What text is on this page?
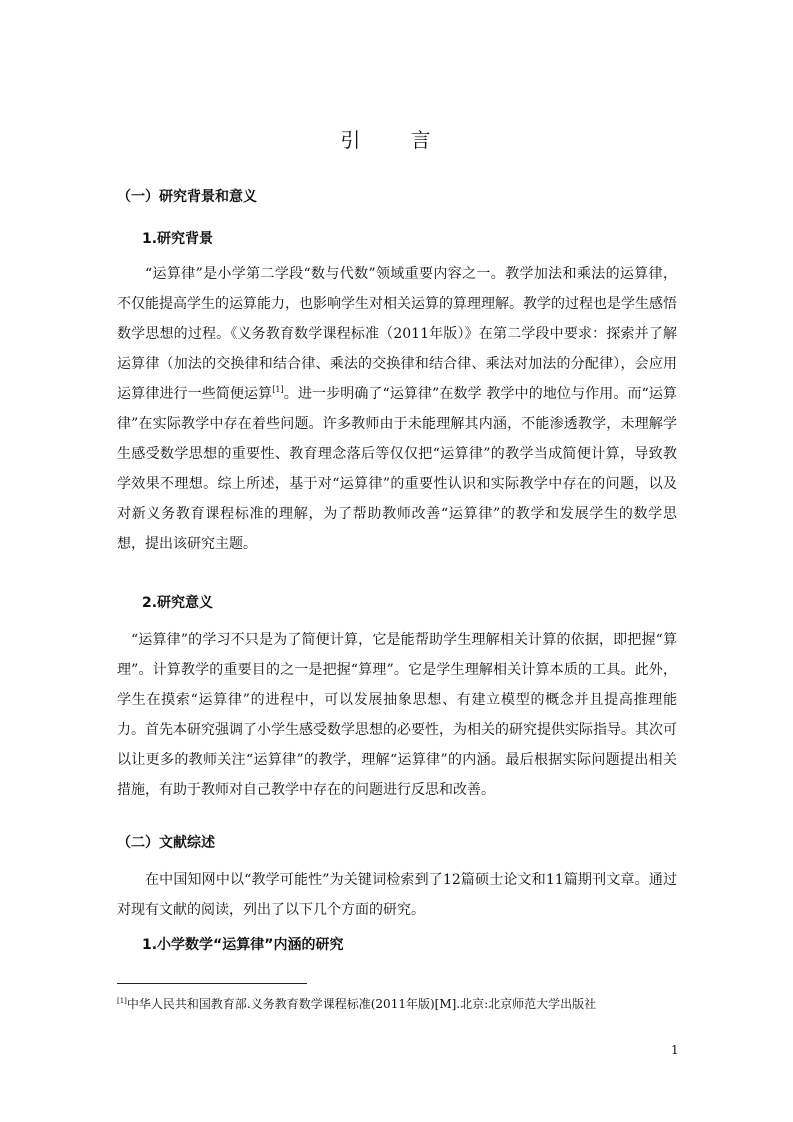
引 言
（一）研究背景和意义
1.研究背景

“运算律”是小学第二学段“数与代数”领域重要内容之一。教学加法和乘法的运算律，不仅能提高学生的运算能力，也影响学生对相关运算的算理理解。教学的过程也是学生感悟数学思想的过程。《义务教育数学课程标准（2011年版）》在第二学段中要求：探索并了解运算律（加法的交换律和结合律、乘法的交换律和结合律、乘法对加法的分配律），会应用运算律进行一些简便运算[1]。进一步明确了“运算律”在数学 教学中的地位与作用。而“运算律”在实际教学中存在着些问题。许多教师由于未能理解其内涵，不能渗透教学，未理解学生感受数学思想的重要性、教育理念落后等仅仅把“运算律”的教学当成简便计算，导致教学效果不理想。综上所述，基于对“运算律”的重要性认识和实际教学中存在的问题，以及对新义务教育课程标准的理解，为了帮助教师改善“运算律”的教学和发展学生的数学思想，提出该研究主题。

2.研究意义

“运算律”的学习不只是为了简便计算，它是能帮助学生理解相关计算的依据，即把握“算理”。计算教学的重要目的之一是把握“算理”。它是学生理解相关计算本质的工具。此外，学生在摸索“运算律”的进程中，可以发展抽象思想、有建立模型的概念并且提高推理能力。首先本研究强调了小学生感受数学思想的必要性，为相关的研究提供实际指导。其次可以让更多的教师关注“运算律”的教学，理解“运算律”的内涵。最后根据实际问题提出相关措施，有助于教师对自己教学中存在的问题进行反思和改善。

（二）文献综述

在中国知网中以“教学可能性”为关键词检索到了12篇硕士论文和11篇期刊文章。通过对现有文献的阅读，列出了以下几个方面的研究。

1.小学数学“运算律”内涵的研究
[1]中华人民共和国教育部.义务教育数学课程标准(2011年版)[M].北京:北京师范大学出版社
1
